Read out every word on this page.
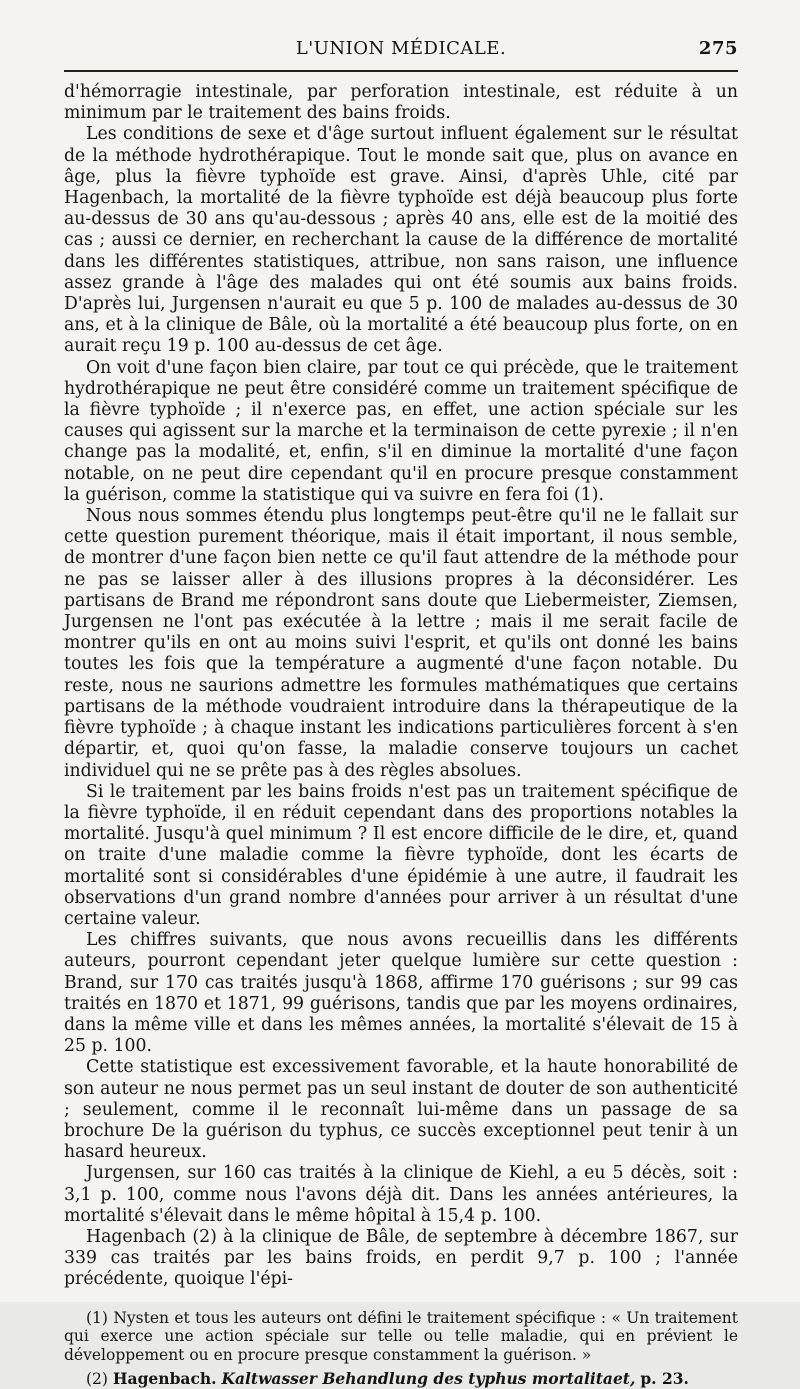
L'UNION MÉDICALE.	275

d'hémorragie intestinale, par perforation intestinale, est réduite à un minimum par le traitement des bains froids.

Les conditions de sexe et d'âge surtout influent également sur le résultat de la méthode hydrothérapique. Tout le monde sait que, plus on avance en âge, plus la fièvre typhoïde est grave. Ainsi, d'après Uhle, cité par Hagenbach, la mortalité de la fièvre typhoïde est déjà beaucoup plus forte au-dessus de 30 ans qu'au-dessous ; après 40 ans, elle est de la moitié des cas ; aussi ce dernier, en recherchant la cause de la différence de mortalité dans les différentes statistiques, attribue, non sans raison, une influence assez grande à l'âge des malades qui ont été soumis aux bains froids. D'après lui, Jurgensen n'aurait eu que 5 p. 100 de malades au-dessus de 30 ans, et à la clinique de Bâle, où la mortalité a été beaucoup plus forte, on en aurait reçu 19 p. 100 au-dessus de cet âge.

On voit d'une façon bien claire, par tout ce qui précède, que le traitement hydrothérapique ne peut être considéré comme un traitement spécifique de la fièvre typhoïde ; il n'exerce pas, en effet, une action spéciale sur les causes qui agissent sur la marche et la terminaison de cette pyrexie ; il n'en change pas la modalité, et, enfin, s'il en diminue la mortalité d'une façon notable, on ne peut dire cependant qu'il en procure presque constamment la guérison, comme la statistique qui va suivre en fera foi (1).

Nous nous sommes étendu plus longtemps peut-être qu'il ne le fallait sur cette question purement théorique, mais il était important, il nous semble, de montrer d'une façon bien nette ce qu'il faut attendre de la méthode pour ne pas se laisser aller à des illusions propres à la déconsidérer. Les partisans de Brand me répondront sans doute que Liebermeister, Ziemsen, Jurgensen ne l'ont pas exécutée à la lettre ; mais il me serait facile de montrer qu'ils en ont au moins suivi l'esprit, et qu'ils ont donné les bains toutes les fois que la température a augmenté d'une façon notable. Du reste, nous ne saurions admettre les formules mathématiques que certains partisans de la méthode voudraient introduire dans la thérapeutique de la fièvre typhoïde ; à chaque instant les indications particulières forcent à s'en départir, et, quoi qu'on fasse, la maladie conserve toujours un cachet individuel qui ne se prête pas à des règles absolues.

Si le traitement par les bains froids n'est pas un traitement spécifique de la fièvre typhoïde, il en réduit cependant dans des proportions notables la mortalité. Jusqu'à quel minimum ? Il est encore difficile de le dire, et, quand on traite d'une maladie comme la fièvre typhoïde, dont les écarts de mortalité sont si considérables d'une épidémie à une autre, il faudrait les observations d'un grand nombre d'années pour arriver à un résultat d'une certaine valeur.

Les chiffres suivants, que nous avons recueillis dans les différents auteurs, pourront cependant jeter quelque lumière sur cette question : Brand, sur 170 cas traités jusqu'à 1868, affirme 170 guérisons ; sur 99 cas traités en 1870 et 1871, 99 guérisons, tandis que par les moyens ordinaires, dans la même ville et dans les mêmes années, la mortalité s'élevait de 15 à 25 p. 100.

Cette statistique est excessivement favorable, et la haute honorabilité de son auteur ne nous permet pas un seul instant de douter de son authenticité ; seulement, comme il le reconnaît lui-même dans un passage de sa brochure De la guérison du typhus, ce succès exceptionnel peut tenir à un hasard heureux.

Jurgensen, sur 160 cas traités à la clinique de Kiehl, a eu 5 décès, soit : 3,1 p. 100, comme nous l'avons déjà dit. Dans les années antérieures, la mortalité s'élevait dans le même hôpital à 15,4 p. 100.

Hagenbach (2) à la clinique de Bâle, de septembre à décembre 1867, sur 339 cas traités par les bains froids, en perdit 9,7 p. 100 ; l'année précédente, quoique l'épi-

(1) Nysten et tous les auteurs ont défini le traitement spécifique : « Un traitement qui exerce une action spéciale sur telle ou telle maladie, qui en prévient le développement ou en procure presque constamment la guérison. »

(2) Hagenbach. Kaltwasser Behandlung des typhus mortalitaet, p. 23.
